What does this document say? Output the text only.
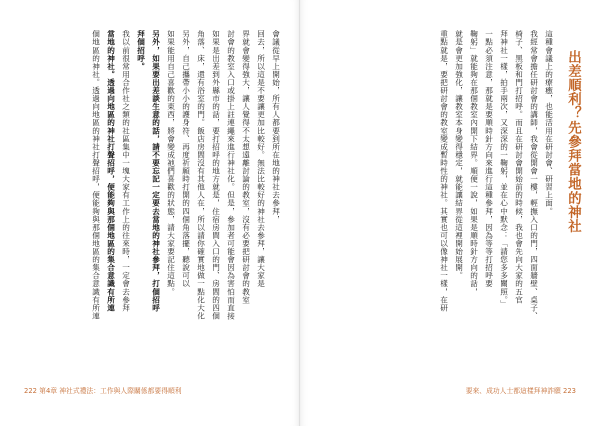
會議從早上開始，所有人都要到所在地的神社去參拜，
回去，所以這是不要讓更加比較好。無法比較好的神社去參拜，讓大家是
界就會變得強大，讓人覺得不太想遠離討論的教室，沒有必要把研討會的教室
討會的教室入口或掛上註連繩來進行神社化。但是，參加者可能會因為害怕而直接
如果是出差到外縣市的話，要打招呼的地方就是，住宿房間入口的門、房間的四個
角落、床，還有浴室的門。飯店房間沒有其他人在，所以請你確實地做一點化大化
另外，自己攜帶小小的護身符、再度祈願時打開的四個角落擺，聽說可以
如果能用自己喜歡的東西，將會變成祂們喜歡的狀態，請大家要記住這點。
另外，如果要出差談生意的話，請不要忘記一定要去當地的神社參拜，打個招呼
拜個招呼。
我以前很常用合作社之類的社區集中一塊大家有工作上的往來時，一定會去參拜
當地的神社。透過向地區的神社打聲招呼，便能夠與那個地區的集合意識有所連
個地區的神社。透過向地區的神社打聲招呼，便能夠與那個地區的集合意識有所連
222 第4章 神社式禮法：工作與人際關係都要得順利
出差順利？先參拜當地的神社
這種會議上的療癒，也能活用在研討會、研習上面。
我經常會擔任研討會的講師，我會從開會一樓，輕撫入口的門，四面牆壁、桌子、
椅子、黑板和門打招呼。而且在研討會開始前的時候，我也會先向大家的五官
拜神社一樣，拍手兩次，又深深的一鞠躬，並在心中默念：「請您多多關照。」
一點必須注意，那就是要順時針方向來進行這種參拜，因為等等打招呼要
鞠躬」就能夠在那個教室內開下結界。順便一說，如果是順時針方向的話，
就是會更加強化，讓教室本身變得穩定，就能讓結界從這裡開始展開。
重點就是，要把研討會的教室變成暫時性的神社。其實也可以像神社一樣，在研
要來、成功人士都這樣拜神詐願 223
